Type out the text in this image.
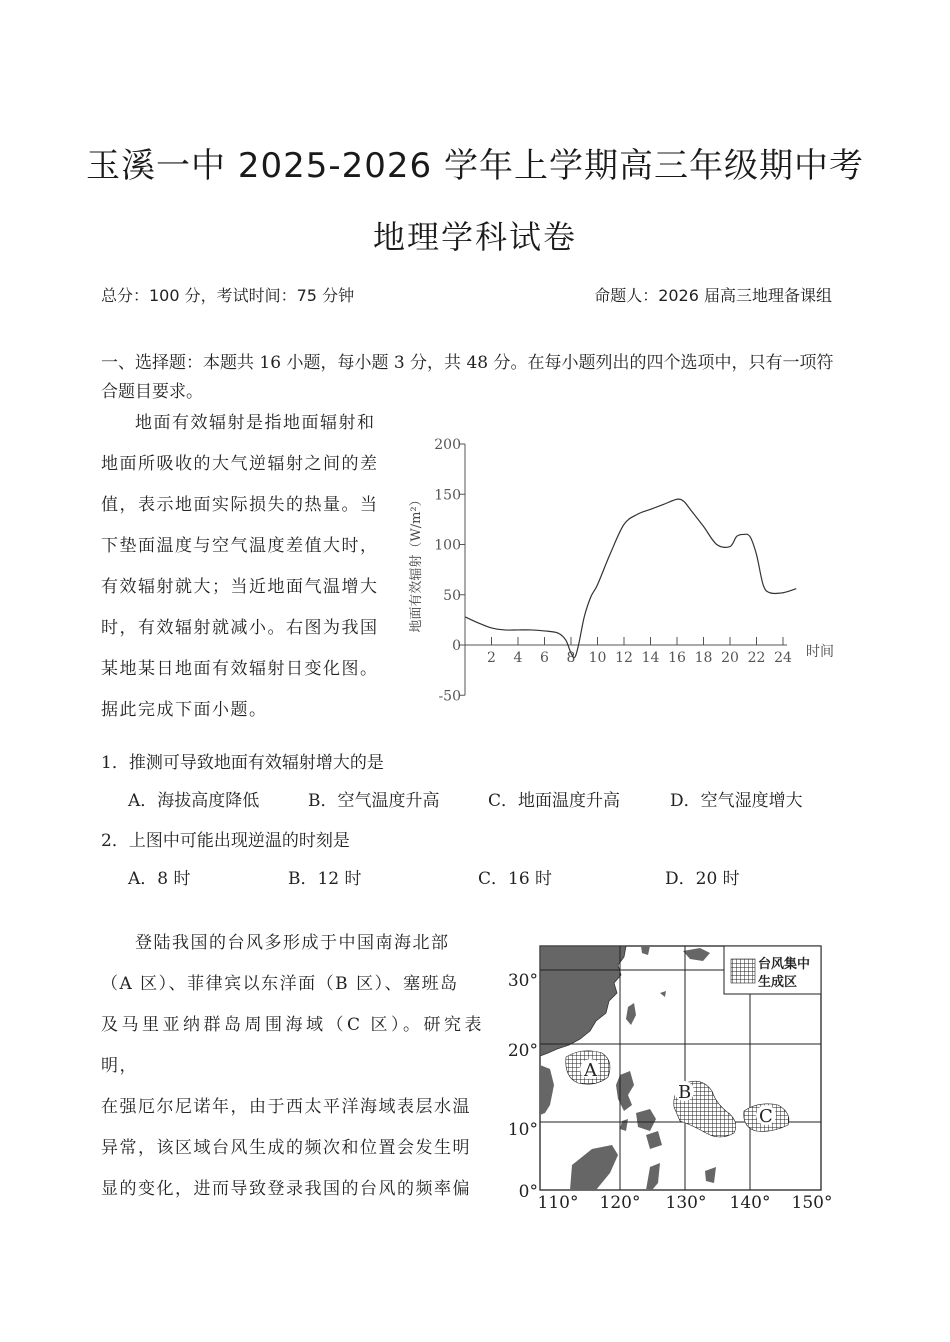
玉溪一中 2025-2026 学年上学期高三年级期中考
地理学科试卷
总分：100 分，考试时间：75 分钟	命题人：2026 届高三地理备课组
一、选择题：本题共 16 小题，每小题 3 分，共 48 分。在每小题列出的四个选项中，只有一项符合题目要求。
地面有效辐射是指地面辐射和
地面所吸收的大气逆辐射之间的差
值，表示地面实际损失的热量。当
下垫面温度与空气温度差值大时，
有效辐射就大；当近地面气温增大
时，有效辐射就减小。右图为我国
某地某日地面有效辐射日变化图。
据此完成下面小题。
-50
0
50
100
150
200
2 4 6 8 10 12 14 16 18 20 22 24
地面有效辐射（W/m²）
时间
1．推测可导致地面有效辐射增大的是
A．海拔高度降低	B．空气温度升高	C．地面温度升高	D．空气湿度增大
2．上图中可能出现逆温的时刻是
A．8 时	B．12 时	C．16 时	D．20 时
登陆我国的台风多形成于中国南海北部
（A 区）、菲律宾以东洋面（B 区）、塞班岛
及马里亚纳群岛周围海域（C 区）。研究表明，
在强厄尔尼诺年，由于西太平洋海域表层水温
异常，该区域台风生成的频次和位置会发生明
显的变化，进而导致登录我国的台风的频率偏
A
B
C
台风集中
生成区
30°
20°
10°
0°
110° 120° 130° 140° 150°
